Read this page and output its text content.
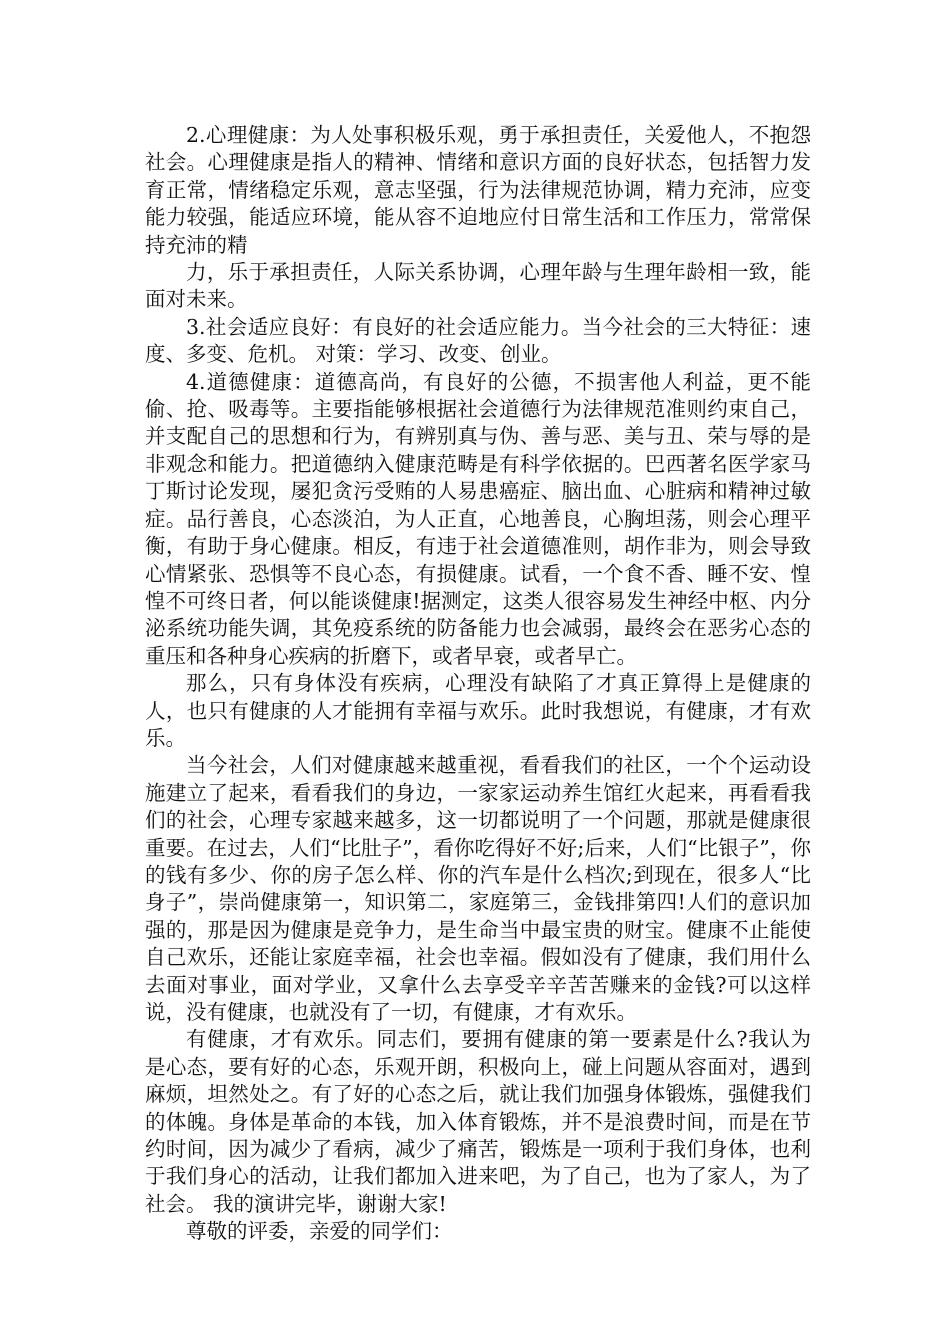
2.心理健康：为人处事积极乐观，勇于承担责任，关爱他人，不抱怨社会。心理健康是指人的精神、情绪和意识方面的良好状态，包括智力发育正常，情绪稳定乐观，意志坚强，行为法律规范协调，精力充沛，应变能力较强，能适应环境，能从容不迫地应付日常生活和工作压力，常常保持充沛的精

力，乐于承担责任，人际关系协调，心理年龄与生理年龄相一致，能面对未来。

3.社会适应良好：有良好的社会适应能力。当今社会的三大特征：速度、多变、危机。 对策：学习、改变、创业。

4.道德健康：道德高尚，有良好的公德，不损害他人利益，更不能偷、抢、吸毒等。主要指能够根据社会道德行为法律规范准则约束自己，并支配自己的思想和行为，有辨别真与伪、善与恶、美与丑、荣与辱的是非观念和能力。把道德纳入健康范畴是有科学依据的。巴西著名医学家马丁斯讨论发现，屡犯贪污受贿的人易患癌症、脑出血、心脏病和精神过敏症。品行善良，心态淡泊，为人正直，心地善良，心胸坦荡，则会心理平衡，有助于身心健康。相反，有违于社会道德准则，胡作非为，则会导致心情紧张、恐惧等不良心态，有损健康。试看，一个食不香、睡不安、惶惶不可终日者，何以能谈健康!据测定，这类人很容易发生神经中枢、内分泌系统功能失调，其免疫系统的防备能力也会减弱，最终会在恶劣心态的重压和各种身心疾病的折磨下，或者早衰，或者早亡。

那么，只有身体没有疾病，心理没有缺陷了才真正算得上是健康的人，也只有健康的人才能拥有幸福与欢乐。此时我想说，有健康，才有欢乐。

当今社会，人们对健康越来越重视，看看我们的社区，一个个运动设施建立了起来，看看我们的身边，一家家运动养生馆红火起来，再看看我们的社会，心理专家越来越多，这一切都说明了一个问题，那就是健康很重要。在过去，人们“比肚子”，看你吃得好不好;后来，人们“比银子”，你的钱有多少、你的房子怎么样、你的汽车是什么档次;到现在，很多人“比身子”，崇尚健康第一，知识第二，家庭第三，金钱排第四!人们的意识加强的，那是因为健康是竞争力，是生命当中最宝贵的财宝。健康不止能使自己欢乐，还能让家庭幸福，社会也幸福。假如没有了健康，我们用什么去面对事业，面对学业，又拿什么去享受辛辛苦苦赚来的金钱?可以这样说，没有健康，也就没有了一切，有健康，才有欢乐。

有健康，才有欢乐。同志们，要拥有健康的第一要素是什么?我认为是心态，要有好的心态，乐观开朗，积极向上，碰上问题从容面对，遇到麻烦，坦然处之。有了好的心态之后，就让我们加强身体锻炼，强健我们的体魄。身体是革命的本钱，加入体育锻炼，并不是浪费时间，而是在节约时间，因为减少了看病，减少了痛苦，锻炼是一项利于我们身体，也利于我们身心的活动，让我们都加入进来吧，为了自己，也为了家人，为了社会。 我的演讲完毕，谢谢大家!

尊敬的评委，亲爱的同学们：
